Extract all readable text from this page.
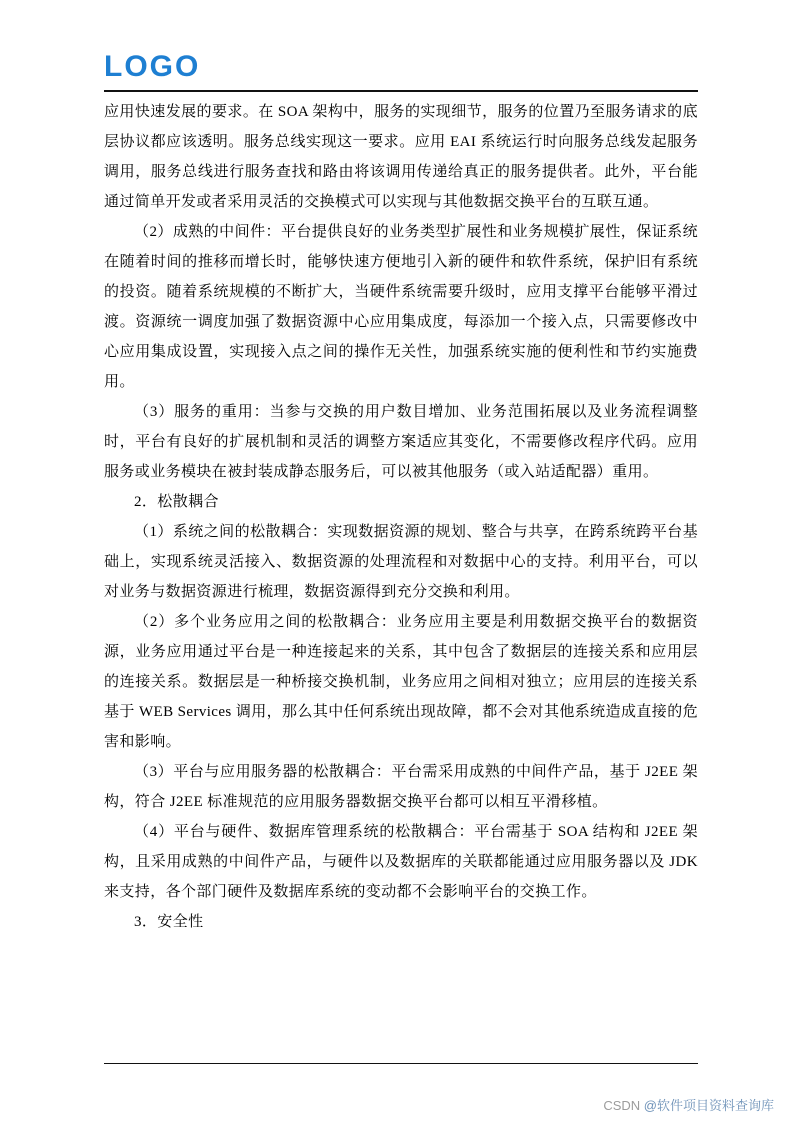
LOGO

应用快速发展的要求。在 SOA 架构中，服务的实现细节，服务的位置乃至服务请求的底层协议都应该透明。服务总线实现这一要求。应用 EAI 系统运行时向服务总线发起服务调用，服务总线进行服务查找和路由将该调用传递给真正的服务提供者。此外，平台能通过简单开发或者采用灵活的交换模式可以实现与其他数据交换平台的互联互通。

（2）成熟的中间件：平台提供良好的业务类型扩展性和业务规模扩展性，保证系统在随着时间的推移而增长时，能够快速方便地引入新的硬件和软件系统，保护旧有系统的投资。随着系统规模的不断扩大，当硬件系统需要升级时，应用支撑平台能够平滑过渡。资源统一调度加强了数据资源中心应用集成度，每添加一个接入点，只需要修改中心应用集成设置，实现接入点之间的操作无关性，加强系统实施的便利性和节约实施费用。

（3）服务的重用：当参与交换的用户数目增加、业务范围拓展以及业务流程调整时，平台有良好的扩展机制和灵活的调整方案适应其变化，不需要修改程序代码。应用服务或业务模块在被封装成静态服务后，可以被其他服务（或入站适配器）重用。

2．松散耦合

（1）系统之间的松散耦合：实现数据资源的规划、整合与共享，在跨系统跨平台基础上，实现系统灵活接入、数据资源的处理流程和对数据中心的支持。利用平台，可以对业务与数据资源进行梳理，数据资源得到充分交换和利用。

（2）多个业务应用之间的松散耦合：业务应用主要是利用数据交换平台的数据资源，业务应用通过平台是一种连接起来的关系，其中包含了数据层的连接关系和应用层的连接关系。数据层是一种桥接交换机制，业务应用之间相对独立；应用层的连接关系基于 WEB Services 调用，那么其中任何系统出现故障，都不会对其他系统造成直接的危害和影响。

（3）平台与应用服务器的松散耦合：平台需采用成熟的中间件产品，基于 J2EE 架构，符合 J2EE 标准规范的应用服务器数据交换平台都可以相互平滑移植。

（4）平台与硬件、数据库管理系统的松散耦合：平台需基于 SOA 结构和 J2EE 架构，且采用成熟的中间件产品，与硬件以及数据库的关联都能通过应用服务器以及 JDK 来支持，各个部门硬件及数据库系统的变动都不会影响平台的交换工作。

3．安全性

CSDN @软件项目资料查询库
